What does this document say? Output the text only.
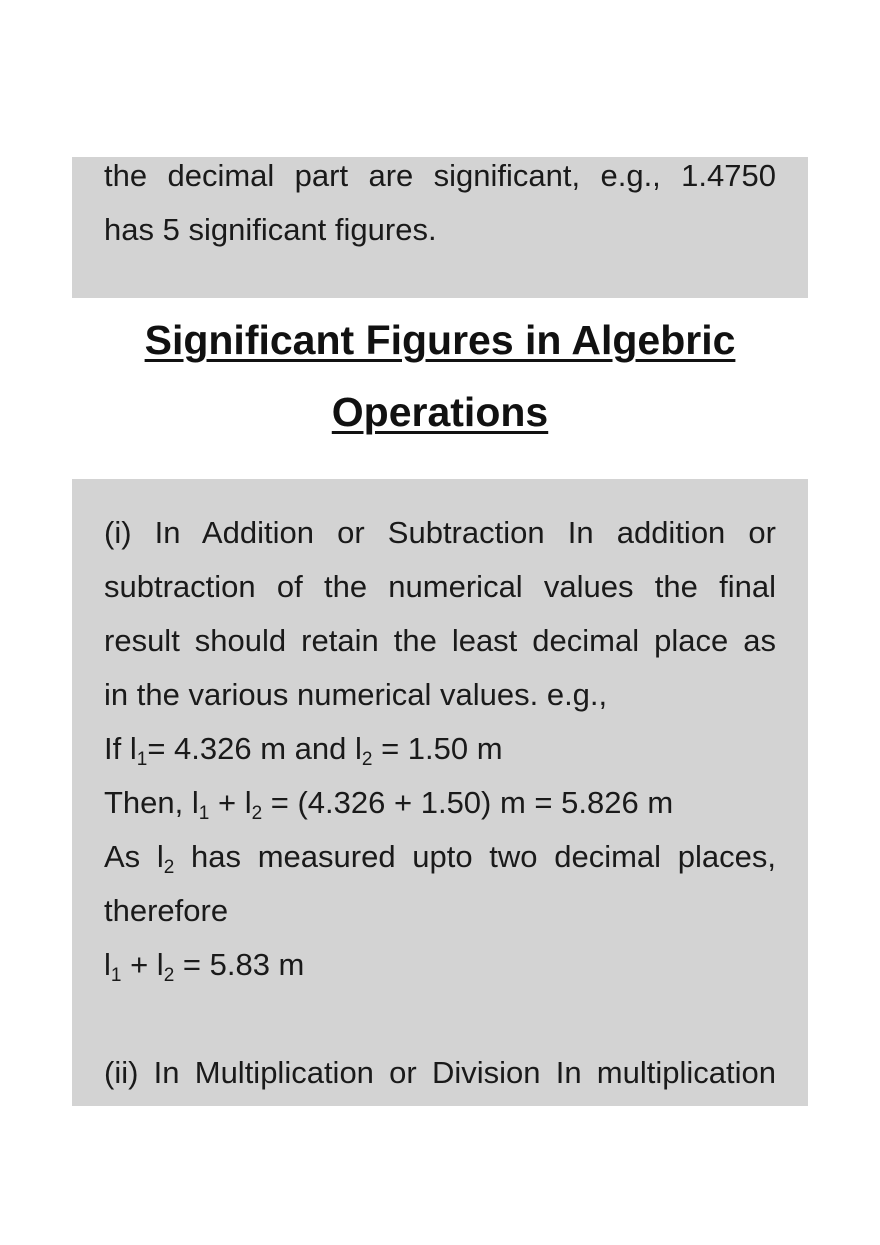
the decimal part are significant, e.g., 1.4750
has 5 significant figures.
Significant Figures in Algebric
Operations
(i) In Addition or Subtraction In addition or
subtraction of the numerical values the final
result should retain the least decimal place as
in the various numerical values. e.g.,
If $l_1= 4.326$ m and $l_2 = 1.50$ m
Then, $l_1 + l_2 = (4.326 + 1.50) m = 5.826$ m
As $l_2$ has measured upto two decimal places,
therefore
$l_1 + l_2 = 5.83$ m
(ii) In Multiplication or Division In multiplication
